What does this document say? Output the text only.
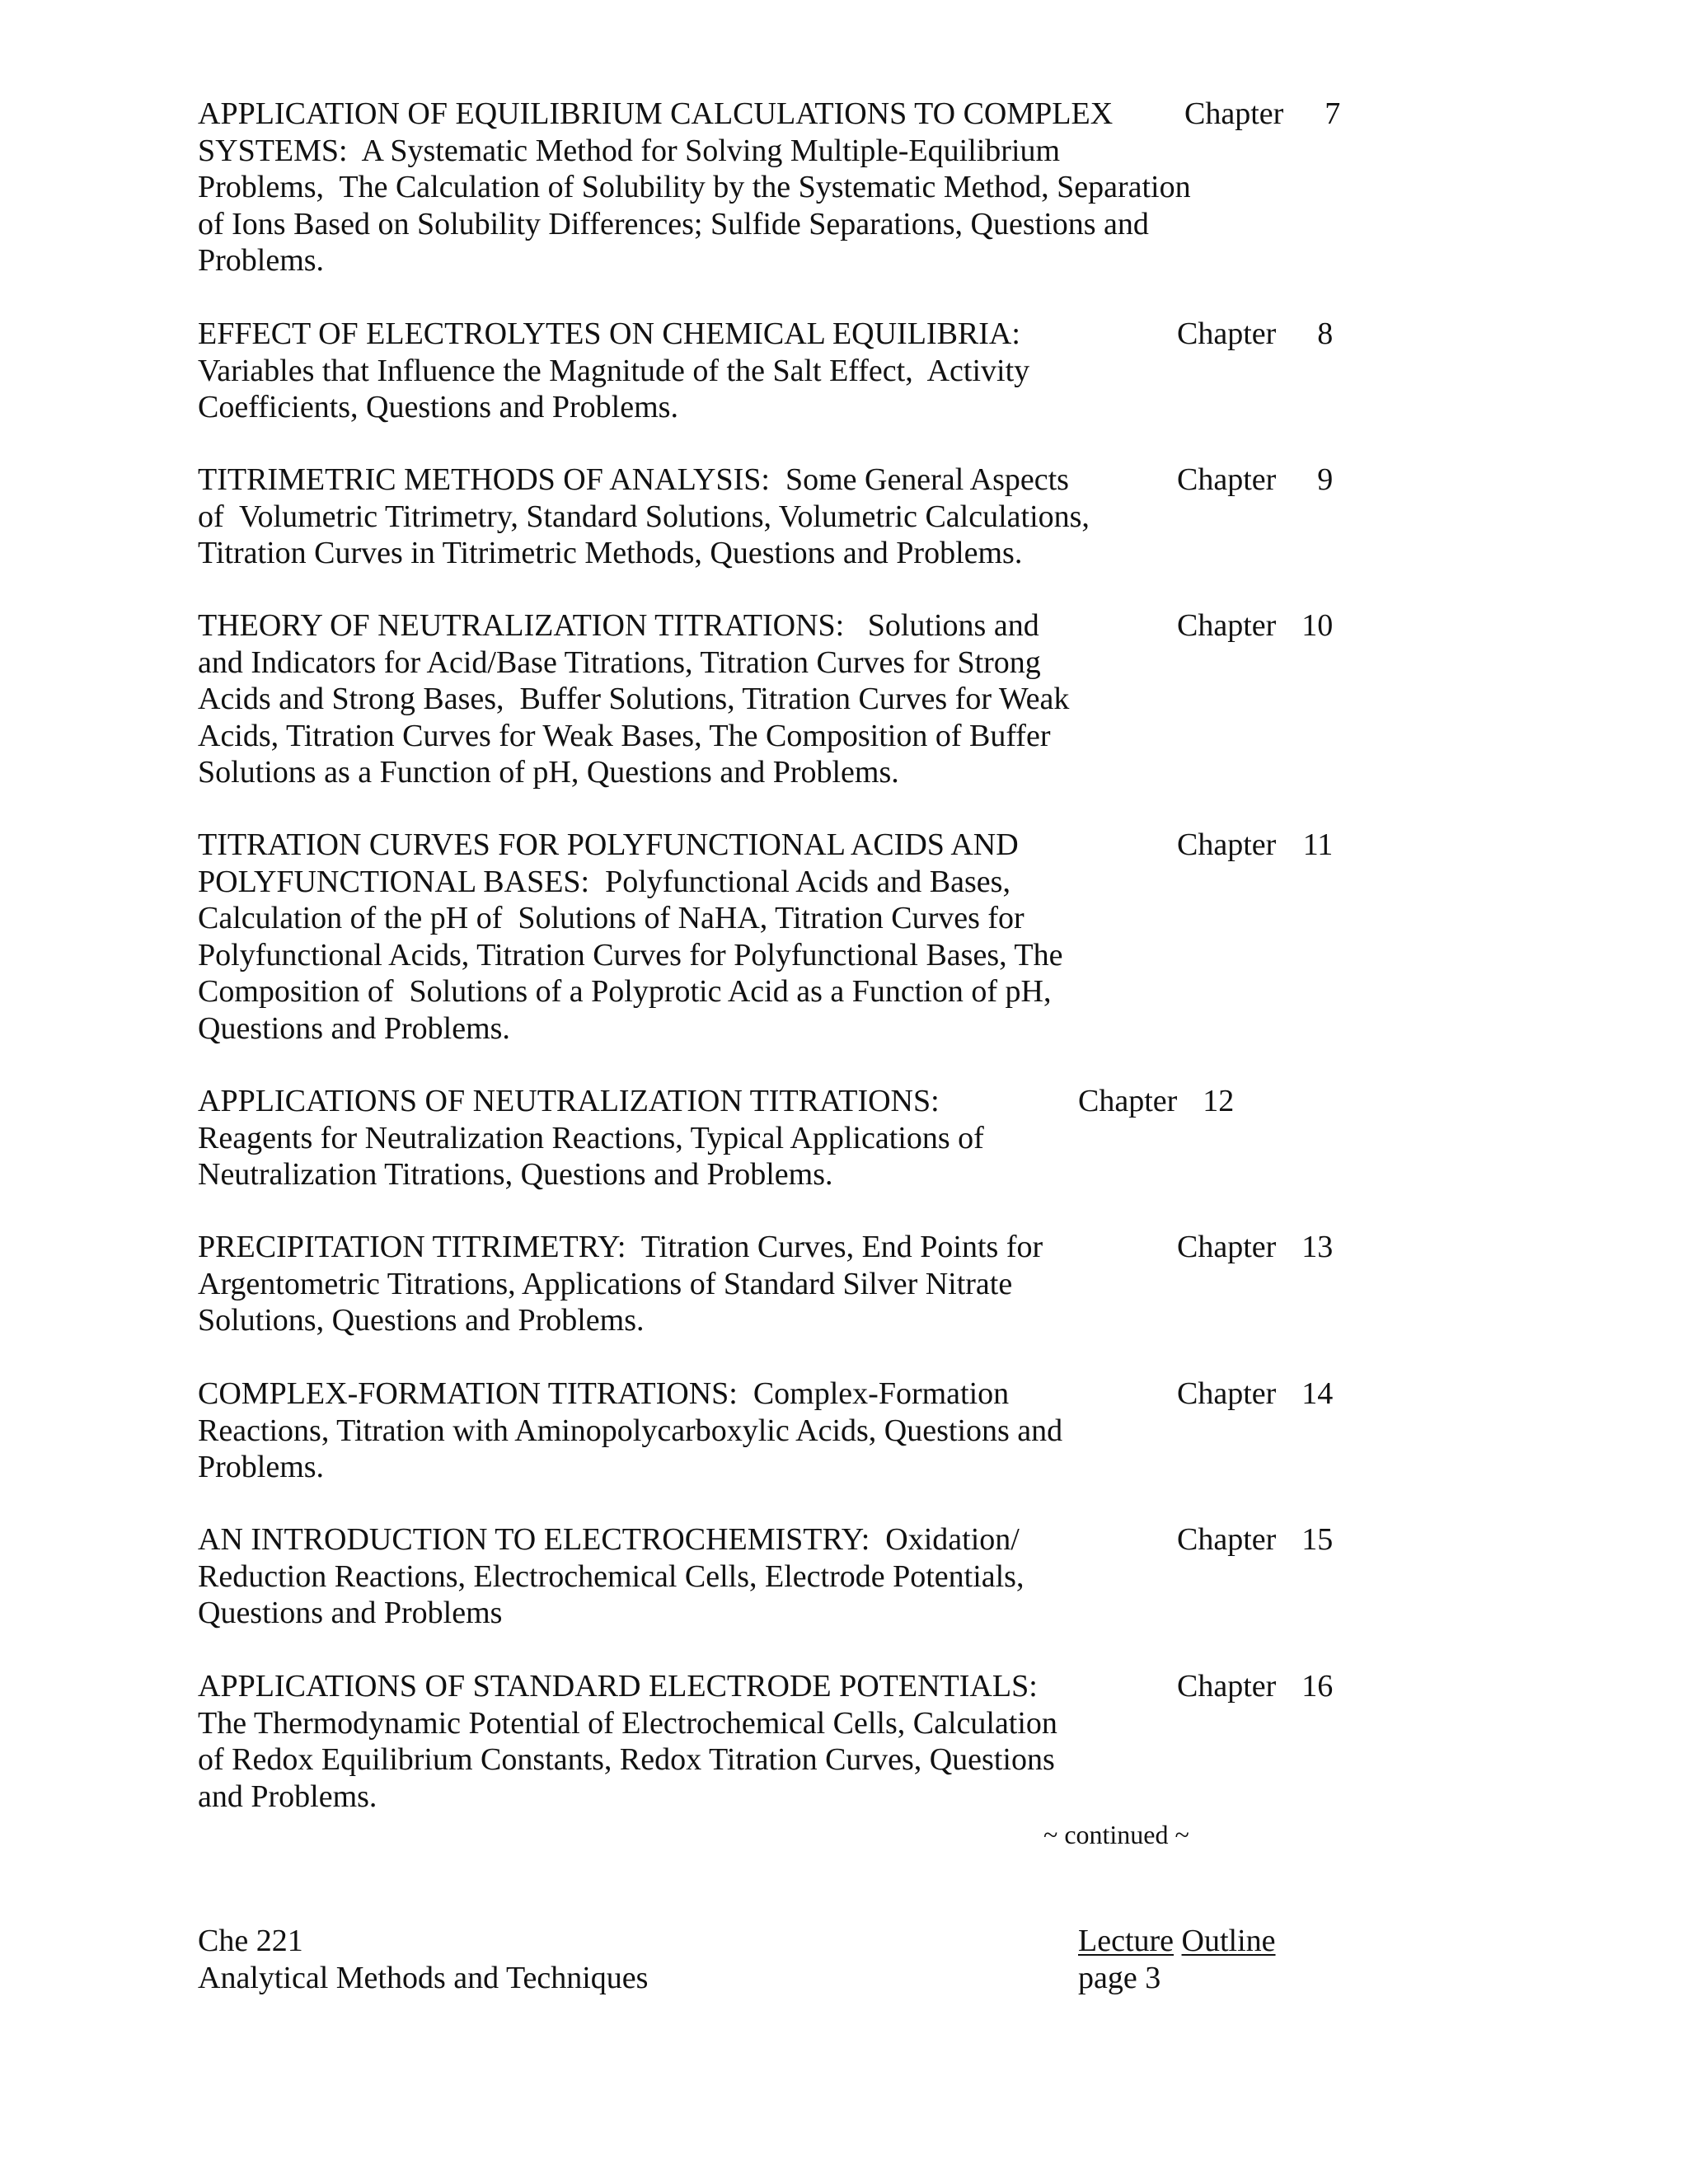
APPLICATION OF EQUILIBRIUM CALCULATIONS TO COMPLEX
SYSTEMS:  A Systematic Method for Solving Multiple-Equilibrium
Problems,  The Calculation of Solubility by the Systematic Method, Separation
of Ions Based on Solubility Differences; Sulfide Separations, Questions and
Problems.
Chapter 7
EFFECT OF ELECTROLYTES ON CHEMICAL EQUILIBRIA:
Variables that Influence the Magnitude of the Salt Effect,  Activity
Coefficients, Questions and Problems.
Chapter 8
TITRIMETRIC METHODS OF ANALYSIS:  Some General Aspects
of  Volumetric Titrimetry, Standard Solutions, Volumetric Calculations,
Titration Curves in Titrimetric Methods, Questions and Problems.
Chapter 9
THEORY OF NEUTRALIZATION TITRATIONS:   Solutions and
and Indicators for Acid/Base Titrations, Titration Curves for Strong
Acids and Strong Bases,  Buffer Solutions, Titration Curves for Weak
Acids, Titration Curves for Weak Bases, The Composition of Buffer
Solutions as a Function of pH, Questions and Problems.
Chapter 10
TITRATION CURVES FOR POLYFUNCTIONAL ACIDS AND
POLYFUNCTIONAL BASES:  Polyfunctional Acids and Bases,
Calculation of the pH of  Solutions of NaHA, Titration Curves for
Polyfunctional Acids, Titration Curves for Polyfunctional Bases, The
Composition of  Solutions of a Polyprotic Acid as a Function of pH,
Questions and Problems.
Chapter 11
APPLICATIONS OF NEUTRALIZATION TITRATIONS:
Reagents for Neutralization Reactions, Typical Applications of
Neutralization Titrations, Questions and Problems.
Chapter 12
PRECIPITATION TITRIMETRY:  Titration Curves, End Points for
Argentometric Titrations, Applications of Standard Silver Nitrate
Solutions, Questions and Problems.
Chapter 13
COMPLEX-FORMATION TITRATIONS:  Complex-Formation
Reactions, Titration with Aminopolycarboxylic Acids, Questions and
Problems.
Chapter 14
AN INTRODUCTION TO ELECTROCHEMISTRY:  Oxidation/
Reduction Reactions, Electrochemical Cells, Electrode Potentials,
Questions and Problems
Chapter 15
APPLICATIONS OF STANDARD ELECTRODE POTENTIALS:
The Thermodynamic Potential of Electrochemical Cells, Calculation
of Redox Equilibrium Constants, Redox Titration Curves, Questions
and Problems.
Chapter 16
~ continued ~
Che 221
Analytical Methods and Techniques
Lecture Outline
page 3
